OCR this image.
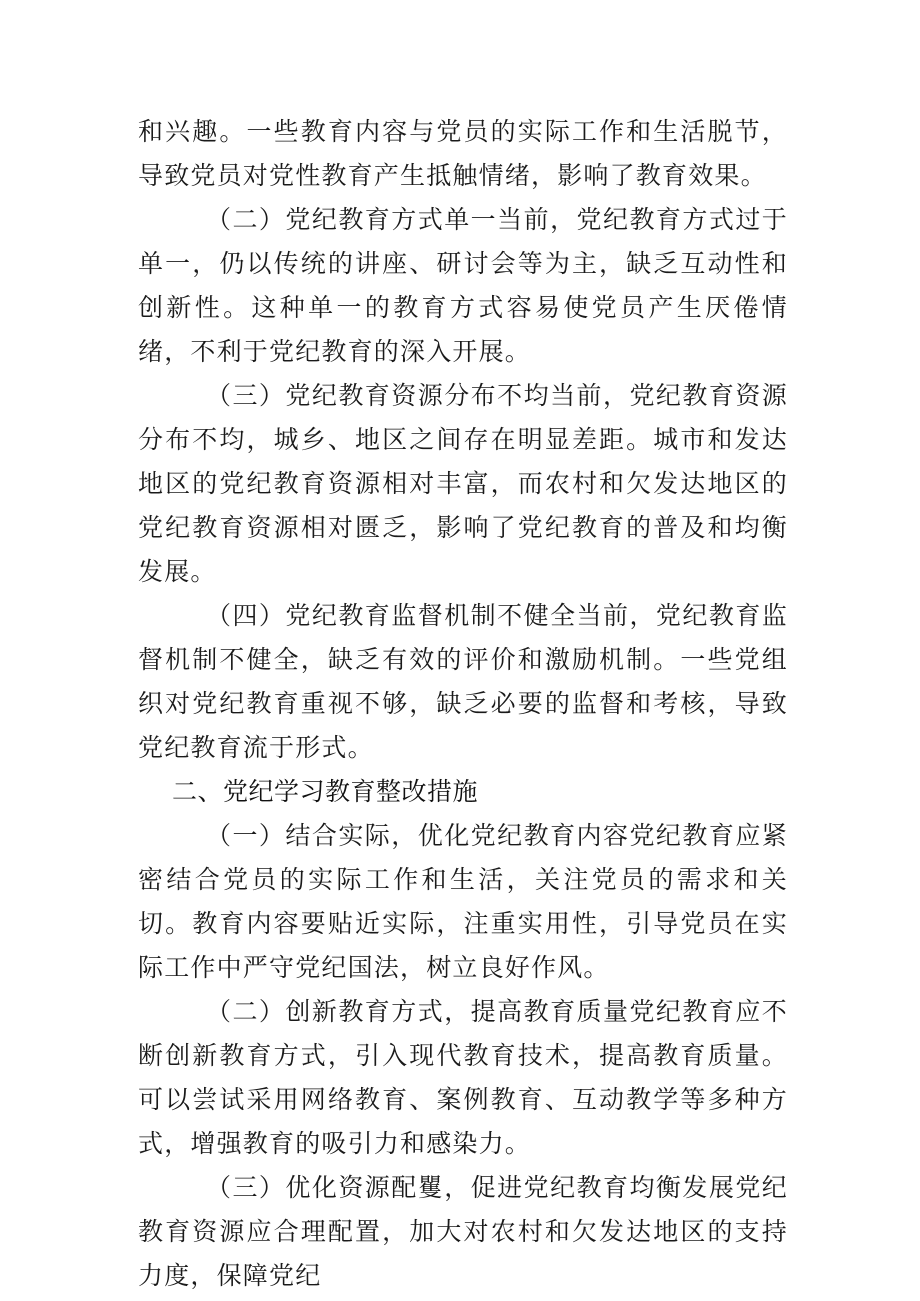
和兴趣。一些教育内容与党员的实际工作和生活脱节，导致党员对党性教育产生抵触情绪，影响了教育效果。

（二）党纪教育方式单一当前，党纪教育方式过于单一，仍以传统的讲座、研讨会等为主，缺乏互动性和创新性。这种单一的教育方式容易使党员产生厌倦情绪，不利于党纪教育的深入开展。

（三）党纪教育资源分布不均当前，党纪教育资源分布不均，城乡、地区之间存在明显差距。城市和发达地区的党纪教育资源相对丰富，而农村和欠发达地区的党纪教育资源相对匮乏，影响了党纪教育的普及和均衡发展。

（四）党纪教育监督机制不健全当前，党纪教育监督机制不健全，缺乏有效的评价和激励机制。一些党组织对党纪教育重视不够，缺乏必要的监督和考核，导致党纪教育流于形式。

二、党纪学习教育整改措施

（一）结合实际，优化党纪教育内容党纪教育应紧密结合党员的实际工作和生活，关注党员的需求和关切。教育内容要贴近实际，注重实用性，引导党员在实际工作中严守党纪国法，树立良好作风。

（二）创新教育方式，提高教育质量党纪教育应不断创新教育方式，引入现代教育技术，提高教育质量。可以尝试采用网络教育、案例教育、互动教学等多种方式，增强教育的吸引力和感染力。

（三）优化资源配矍，促进党纪教育均衡发展党纪教育资源应合理配置，加大对农村和欠发达地区的支持力度，保障党纪
